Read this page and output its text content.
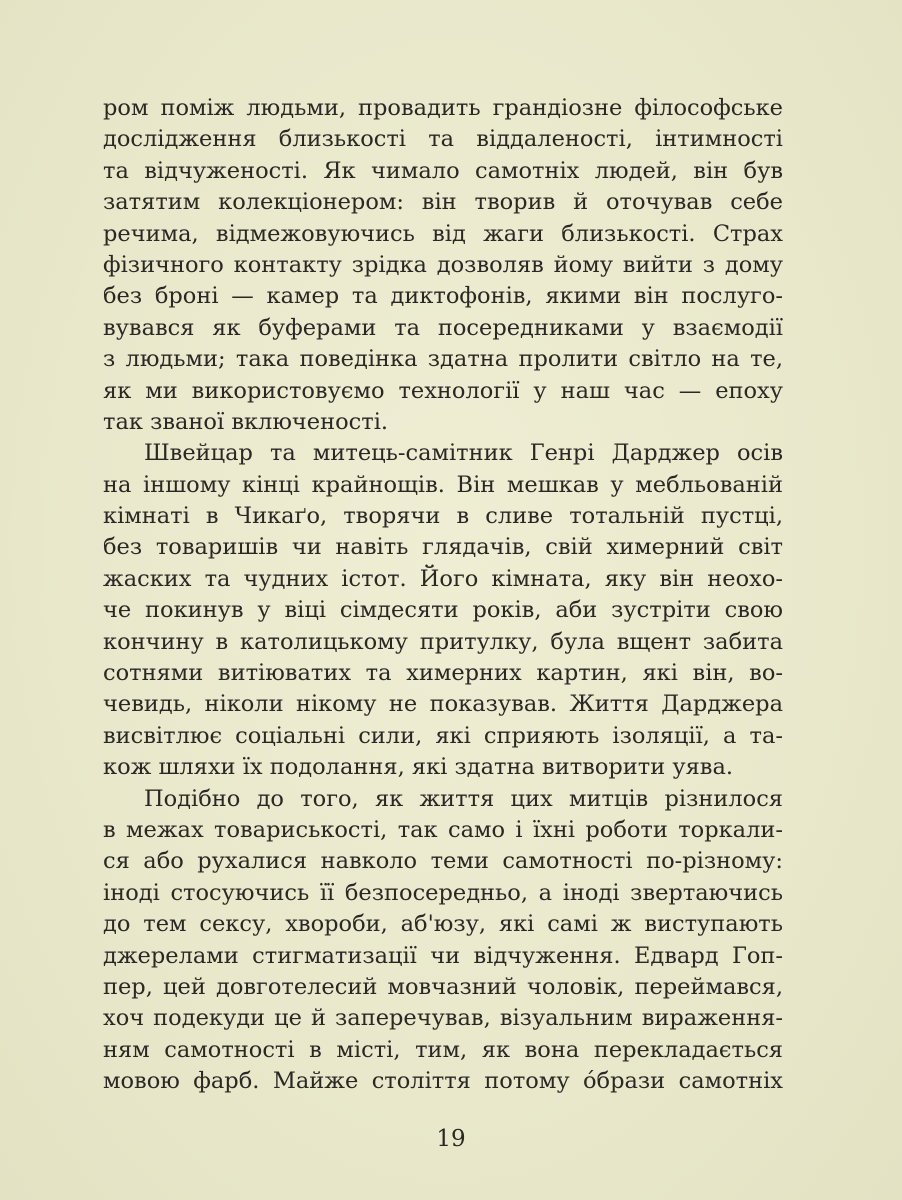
ром поміж людьми, провадить грандіозне філософське
дослідження близькості та віддаленості, інтимності
та відчуженості. Як чимало самотніх людей, він був
затятим колекціонером: він творив й оточував себе
речима, відмежовуючись від жаги близькості. Страх
фізичного контакту зрідка дозволяв йому вийти з дому
без броні — камер та диктофонів, якими він послуго-
вувався як буферами та посередниками у взаємодії
з людьми; така поведінка здатна пролити світло на те,
як ми використовуємо технології у наш час — епоху
так званої включеності.
Швейцар та митець-самітник Генрі Дарджер осів
на іншому кінці крайнощів. Він мешкав у мебльованій
кімнаті в Чикаґо, творячи в сливе тотальній пустці,
без товаришів чи навіть глядачів, свій химерний світ
жаских та чудних істот. Його кімната, яку він неохо-
че покинув у віці сімдесяти років, аби зустріти свою
кончину в католицькому притулку, була вщент забита
сотнями витіюватих та химерних картин, які він, во-
чевидь, ніколи нікому не показував. Життя Дарджера
висвітлює соціальні сили, які сприяють ізоляції, а та-
кож шляхи їх подолання, які здатна витворити уява.
Подібно до того, як життя цих митців різнилося
в межах товариськості, так само і їхні роботи торкали-
ся або рухалися навколо теми самотності по-різному:
іноді стосуючись її безпосередньо, а іноді звертаючись
до тем сексу, хвороби, аб'юзу, які самі ж виступають
джерелами стигматизації чи відчуження. Едвард Гоп-
пер, цей довготелесий мовчазний чоловік, переймався,
хоч подекуди це й заперечував, візуальним вираження-
ням самотності в місті, тим, як вона перекладається
мовою фарб. Майже століття потому óбрази самотніх
19
